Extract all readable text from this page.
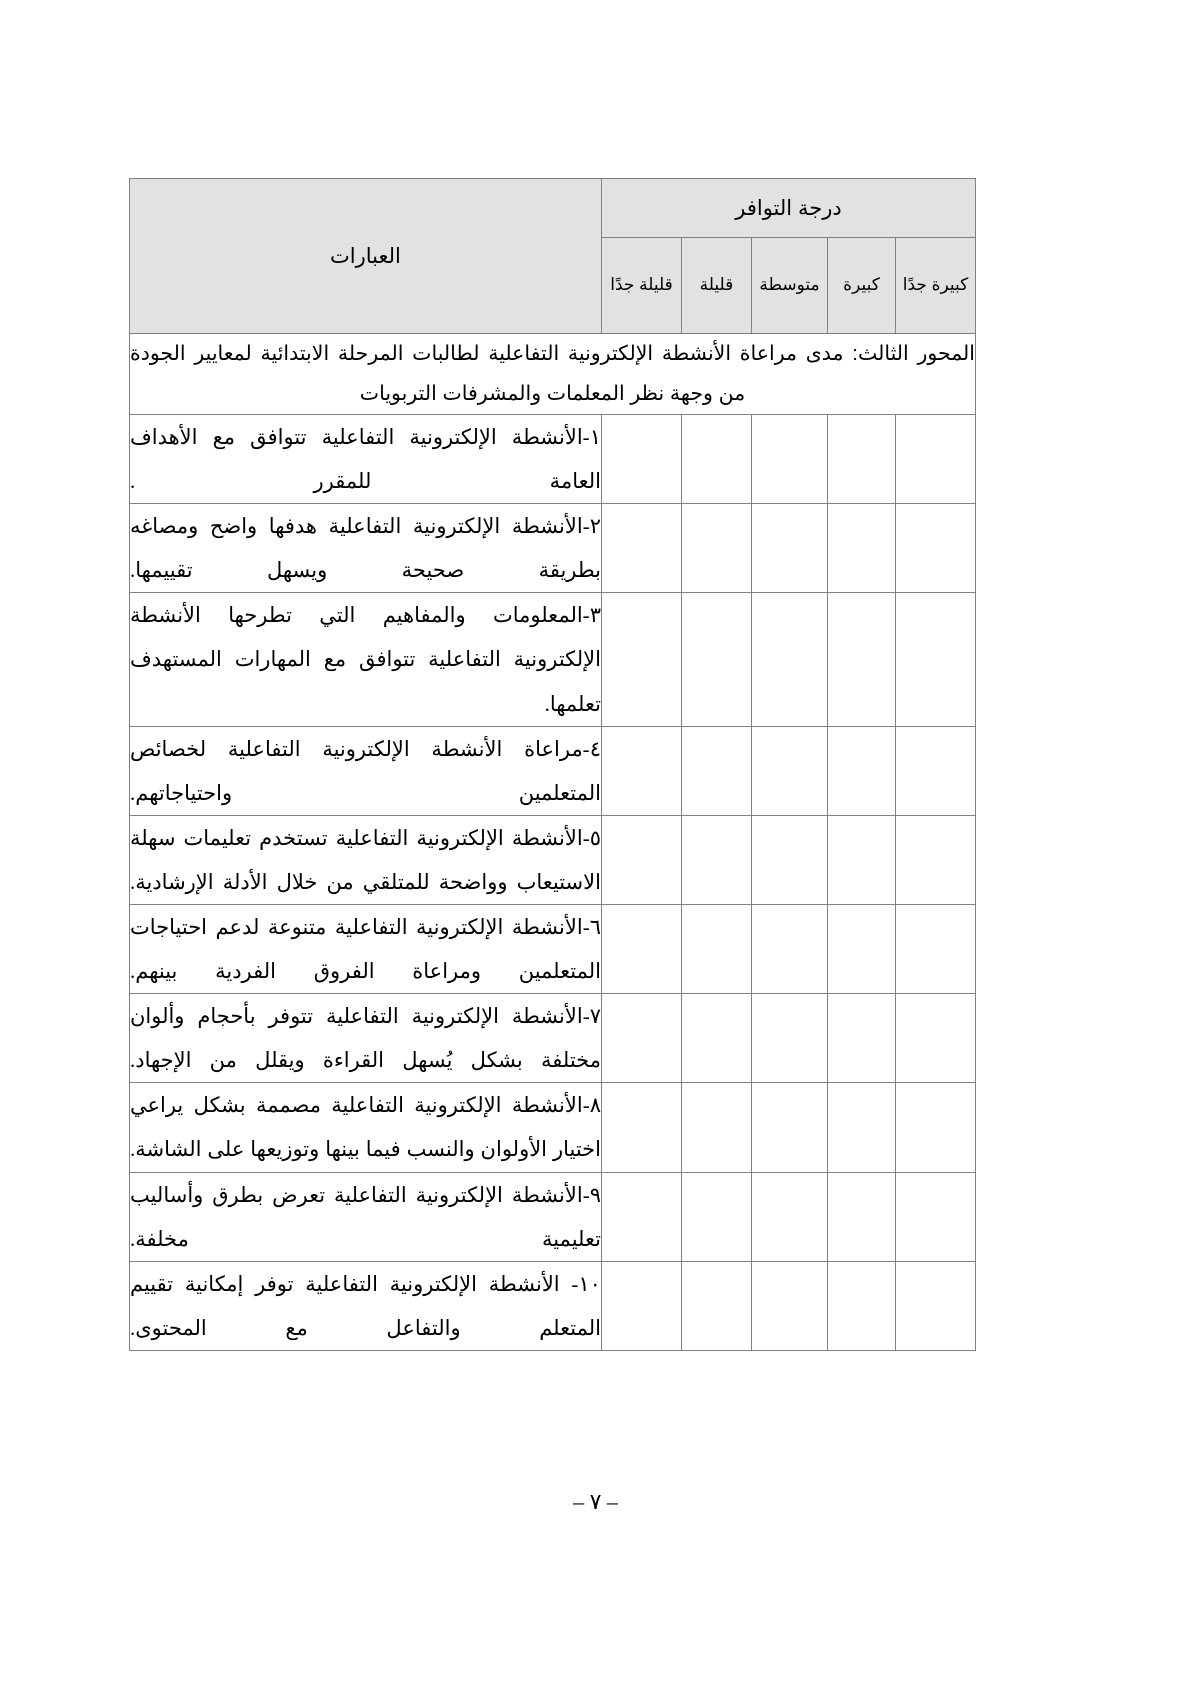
درجة التوافر					العبارات
كبيرة جدًا	كبيرة	متوسطة	قليلة	قليلة جدًا	

المحور الثالث: مدى مراعاة الأنشطة الإلكترونية التفاعلية لطالبات المرحلة الابتدائية لمعايير الجودة
من وجهة نظر المعلمات والمشرفات التربويات					

					١-الأنشطة الإلكترونية التفاعلية تتوافق مع الأهداف العامة للمقرر .
					٢-الأنشطة الإلكترونية التفاعلية هدفها واضح ومصاغه بطريقة صحيحة ويسهل تقييمها.
					٣-المعلومات والمفاهيم التي تطرحها الأنشطة الإلكترونية التفاعلية تتوافق مع المهارات المستهدف تعلمها.
					٤-مراعاة الأنشطة الإلكترونية التفاعلية لخصائص المتعلمين واحتياجاتهم.
					٥-الأنشطة الإلكترونية التفاعلية تستخدم تعليمات سهلة الاستيعاب وواضحة للمتلقي من خلال الأدلة الإرشادية.
					٦-الأنشطة الإلكترونية التفاعلية متنوعة لدعم احتياجات المتعلمين ومراعاة الفروق الفردية بينهم.
					٧-الأنشطة الإلكترونية التفاعلية تتوفر بأحجام وألوان مختلفة بشكل يُسهل القراءة ويقلل من الإجهاد.
					٨-الأنشطة الإلكترونية التفاعلية مصممة بشكل يراعي اختيار الأولوان والنسب فيما بينها وتوزيعها على الشاشة.
					٩-الأنشطة الإلكترونية التفاعلية تعرض بطرق وأساليب تعليمية مخلفة.
					١٠- الأنشطة الإلكترونية التفاعلية توفر إمكانية تقييم المتعلم والتفاعل مع المحتوى.
– ٧ –
